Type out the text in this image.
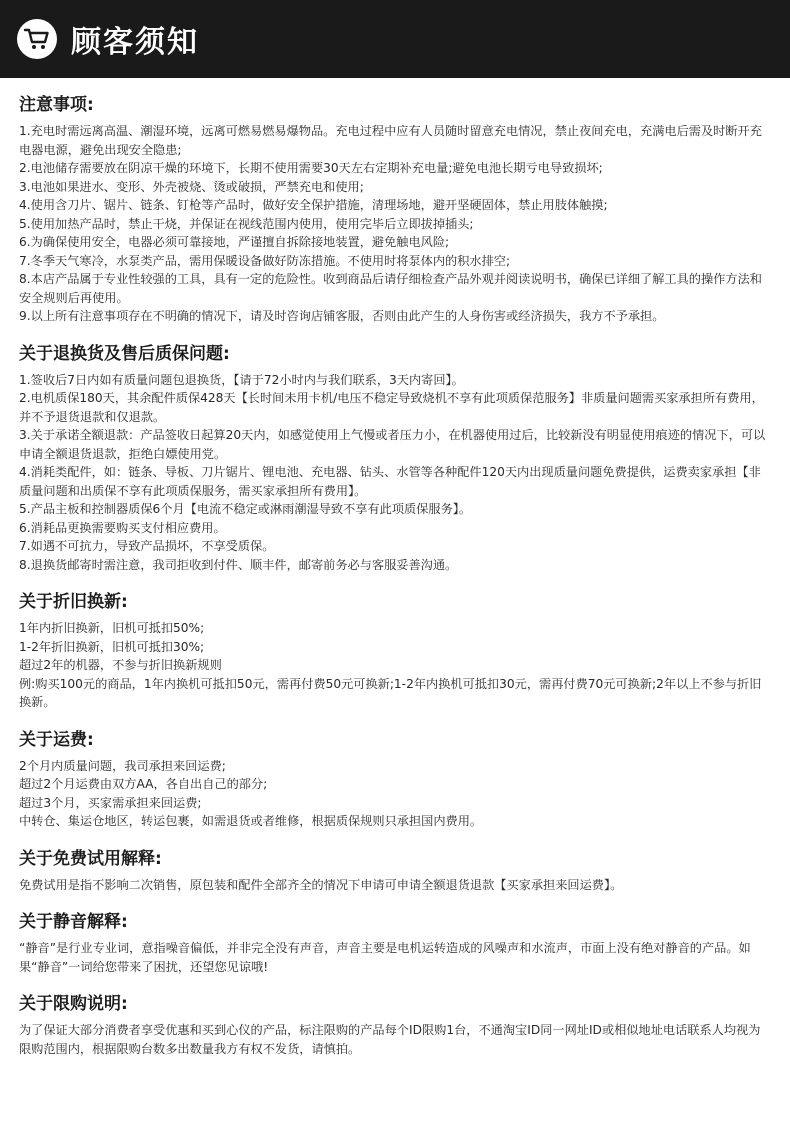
顾客须知
注意事项:
1.充电时需远离高温、潮湿环境，远离可燃易燃易爆物品。充电过程中应有人员随时留意充电情况，禁止夜间充电，充满电后需及时断开充电器电源，避免出现安全隐患;
2.电池储存需要放在阴凉干燥的环境下，长期不使用需要30天左右定期补充电量;避免电池长期亏电导致损坏;
3.电池如果进水、变形、外壳被烧、烫或破损，严禁充电和使用;
4.使用含刀片、锯片、链条、钉枪等产品时，做好安全保护措施，清理场地，避开坚硬固体，禁止用肢体触摸;
5.使用加热产品时，禁止干烧，并保证在视线范围内使用，使用完毕后立即拔掉插头;
6.为确保使用安全，电器必须可靠接地，严谨擅自拆除接地装置，避免触电风险;
7.冬季天气寒冷，水泵类产品，需用保暖设备做好防冻措施。不使用时将泵体内的积水排空;
8.本店产品属于专业性较强的工具，具有一定的危险性。收到商品后请仔细检查产品外观并阅读说明书，确保已详细了解工具的操作方法和安全规则后再使用。
9.以上所有注意事项存在不明确的情况下，请及时咨询店铺客服，否则由此产生的人身伤害或经济损失，我方不予承担。
关于退换货及售后质保问题:
1.签收后7日内如有质量问题包退换货，【请于72小时内与我们联系，3天内寄回】。
2.电机质保180天，其余配件质保428天【长时间未用卡机/电压不稳定导致烧机不享有此项质保范服务】非质量问题需买家承担所有费用，并不予退货退款和仅退款。
3.关于承诺全额退款：产品签收日起算20天内，如感觉使用上气慢或者压力小，在机器使用过后，比较新没有明显使用痕迹的情况下，可以申请全额退货退款，拒绝白嫖使用党。
4.消耗类配件，如：链条、导板、刀片锯片、锂电池、充电器、钻头、水管等各种配件120天内出现质量问题免费提供，运费卖家承担【非质量问题和出质保不享有此项质保服务，需买家承担所有费用】。
5.产品主板和控制器质保6个月【电流不稳定或淋雨潮湿导致不享有此项质保服务】。
6.消耗品更换需要购买支付相应费用。
7.如遇不可抗力，导致产品损坏，不享受质保。
8.退换货邮寄时需注意，我司拒收到付件、顺丰件，邮寄前务必与客服妥善沟通。
关于折旧换新:
1年内折旧换新，旧机可抵扣50%;
1-2年折旧换新，旧机可抵扣30%;
超过2年的机器，不参与折旧换新规则
例:购买100元的商品，1年内换机可抵扣50元，需再付费50元可换新;1-2年内换机可抵扣30元，需再付费70元可换新;2年以上不参与折旧换新。
关于运费:
2个月内质量问题，我司承担来回运费;
超过2个月运费由双方AA，各自出自己的部分;
超过3个月，买家需承担来回运费;
中转仓、集运仓地区，转运包裹，如需退货或者维修，根据质保规则只承担国内费用。
关于免费试用解释:
免费试用是指不影响二次销售，原包装和配件全部齐全的情况下申请可申请全额退货退款【买家承担来回运费】。
关于静音解释:
“静音”是行业专业词，意指噪音偏低，并非完全没有声音，声音主要是电机运转造成的风噪声和水流声，市面上没有绝对静音的产品。如果“静音”一词给您带来了困扰，还望您见谅哦!
关于限购说明:
为了保证大部分消费者享受优惠和买到心仪的产品，标注限购的产品每个ID限购1台，不通淘宝ID同一网址ID或相似地址电话联系人均视为限购范围内，根据限购台数多出数量我方有权不发货，请慎拍。
